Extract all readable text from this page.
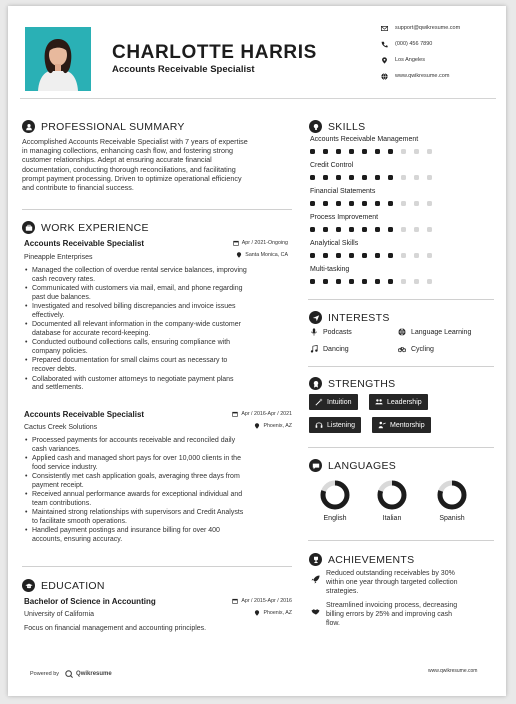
CHARLOTTE HARRIS
Accounts Receivable Specialist
support@qwikresume.com
(000) 456 7890
Los Angeles
www.qwikresume.com
PROFESSIONAL SUMMARY
Accomplished Accounts Receivable Specialist with 7 years of expertise
in managing collections, enhancing cash flow, and fostering strong
customer relationships. Adept at ensuring accurate financial
documentation, conducting thorough reconciliations, and facilitating
prompt payment processing. Driven to optimize operational efficiency
and contribute to financial success.
WORK EXPERIENCE
Accounts Receivable Specialist	Apr / 2021-Ongoing
Pineapple Enterprises	Santa Monica, CA
• Managed the collection of overdue rental service balances, improving
cash recovery rates.
• Communicated with customers via mail, email, and phone regarding
past due balances.
• Investigated and resolved billing discrepancies and invoice issues
effectively.
• Documented all relevant information in the company-wide customer
database for accurate record-keeping.
• Conducted outbound collections calls, ensuring compliance with
company policies.
• Prepared documentation for small claims court as necessary to
recover debts.
• Collaborated with customer attorneys to negotiate payment plans
and settlements.
Accounts Receivable Specialist	Apr / 2016-Apr / 2021
Cactus Creek Solutions	Phoenix, AZ
• Processed payments for accounts receivable and reconciled daily
cash variances.
• Applied cash and managed short pays for over 10,000 clients in the
food service industry.
• Consistently met cash application goals, averaging three days from
payment receipt.
• Received annual performance awards for exceptional individual and
team contributions.
• Maintained strong relationships with supervisors and Credit Analysts
to facilitate smooth operations.
• Handled payment postings and insurance billing for over 400
accounts, ensuring accuracy.
EDUCATION
Bachelor of Science in Accounting	Apr / 2015-Apr / 2016
University of California	Phoenix, AZ
Focus on financial management and accounting principles.
SKILLS
INTERESTS
Podcasts	Language Learning
Dancing	Cycling
STRENGTHS
Intuition	Leadership
Listening	Mentorship
LANGUAGES
ACHIEVEMENTS
Reduced outstanding receivables by 30%
within one year through targeted collection
strategies.
Streamlined invoicing process, decreasing
billing errors by 25% and improving cash
flow.
Powered by	Qwikresume	www.qwikresume.com
Accounts Receivable Management
Credit Control
Financial Statements
Process Improvement
Analytical Skills
Multi-tasking
English	Italian	Spanish
